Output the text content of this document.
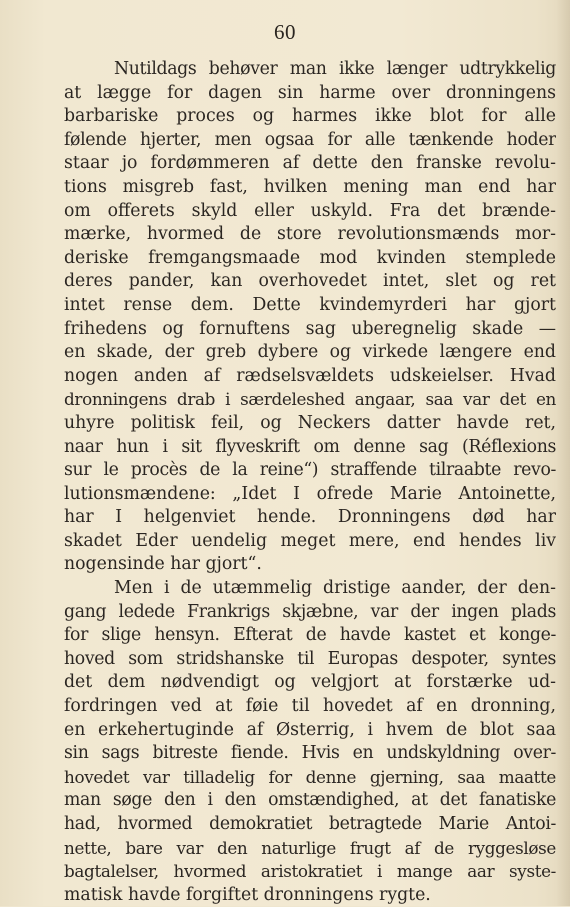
60
Nutildags behøver man ikke længer udtrykkelig
at lægge for dagen sin harme over dronningens
barbariske proces og harmes ikke blot for alle
følende hjerter, men ogsaa for alle tænkende hoder
staar jo fordømmeren af dette den franske revolu-
tions misgreb fast, hvilken mening man end har
om offerets skyld eller uskyld. Fra det brænde-
mærke, hvormed de store revolutionsmænds mor-
deriske fremgangsmaade mod kvinden stemplede
deres pander, kan overhovedet intet, slet og ret
intet rense dem. Dette kvindemyrderi har gjort
frihedens og fornuftens sag uberegnelig skade —
en skade, der greb dybere og virkede længere end
nogen anden af rædselsvældets udskeielser. Hvad
dronningens drab i særdeleshed angaar, saa var det en
uhyre politisk feil, og Neckers datter havde ret,
naar hun i sit flyveskrift om denne sag (Réflexions
sur le procès de la reine“) straffende tilraabte revo-
lutionsmændene: „Idet I ofrede Marie Antoinette,
har I helgenviet hende. Dronningens død har
skadet Eder uendelig meget mere, end hendes liv
nogensinde har gjort“.
Men i de utæmmelig dristige aander, der den-
gang ledede Frankrigs skjæbne, var der ingen plads
for slige hensyn. Efterat de havde kastet et konge-
hoved som stridshanske til Europas despoter, syntes
det dem nødvendigt og velgjort at forstærke ud-
fordringen ved at føie til hovedet af en dronning,
en erkehertuginde af Østerrig, i hvem de blot saa
sin sags bitreste fiende. Hvis en undskyldning over-
hovedet var tilladelig for denne gjerning, saa maatte
man søge den i den omstændighed, at det fanatiske
had, hvormed demokratiet betragtede Marie Antoi-
nette, bare var den naturlige frugt af de ryggesløse
bagtalelser, hvormed aristokratiet i mange aar syste-
matisk havde forgiftet dronningens rygte.
